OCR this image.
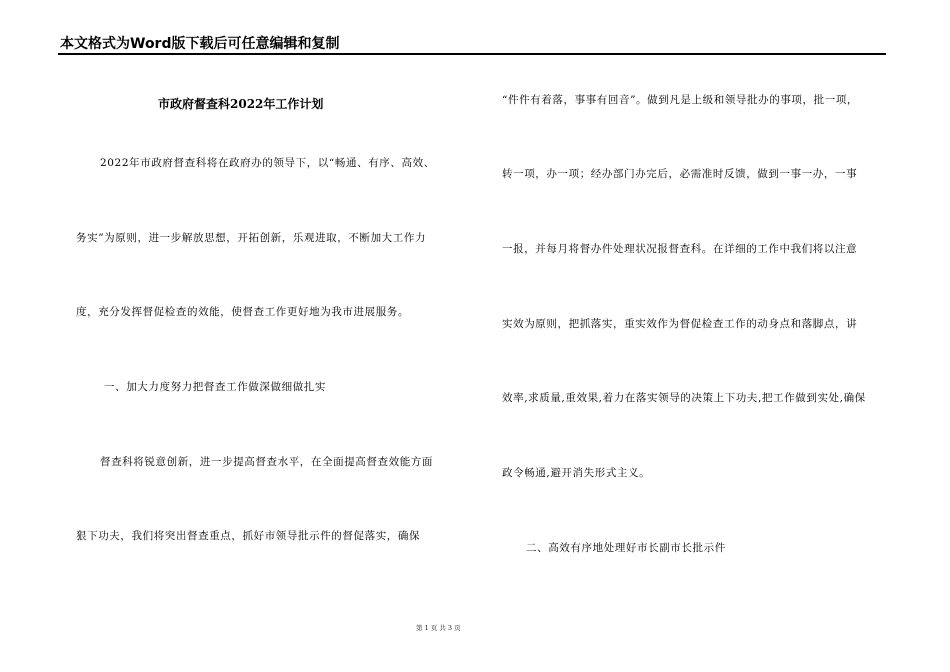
本文格式为Word版下载后可任意编辑和复制
市政府督查科2022年工作计划
2022年市政府督查科将在政府办的领导下，以“畅通、有序、高效、
务实”为原则，进一步解放思想，开拓创新，乐观进取，不断加大工作力
度，充分发挥督促检查的效能，使督查工作更好地为我市进展服务。
一、加大力度努力把督查工作做深做细做扎实
督查科将锐意创新，进一步提高督查水平，在全面提高督查效能方面
狠下功夫，我们将突出督查重点，抓好市领导批示件的督促落实，确保
“件件有着落，事事有回音”。做到凡是上级和领导批办的事项，批一项，
转一项，办一项；经办部门办完后，必需准时反馈，做到一事一办，一事
一报，并每月将督办件处理状况报督查科。在详细的工作中我们将以注意
实效为原则，把抓落实，重实效作为督促检查工作的动身点和落脚点，讲
效率,求质量,重效果,着力在落实领导的决策上下功夫,把工作做到实处,确保
政令畅通,避开消失形式主义。
二、高效有序地处理好市长副市长批示件
第 1 页 共 3 页
